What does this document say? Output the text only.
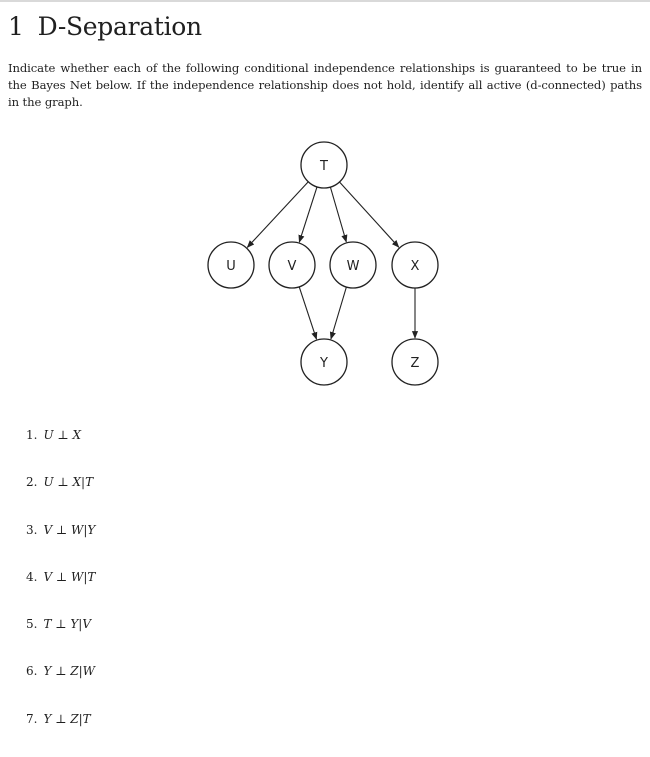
1 D-Separation

Indicate whether each of the following conditional independence relationships is guaranteed to be true in the Bayes Net below. If the independence relationship does not hold, identify all active (d-connected) paths in the graph.

T
U	V	W	X
Y	Z
1. U ⊥ X
2. U ⊥ X|T
3. V ⊥ W|Y
4. V ⊥ W|T
5. T ⊥ Y|V
6. Y ⊥ Z|W
7. Y ⊥ Z|T
